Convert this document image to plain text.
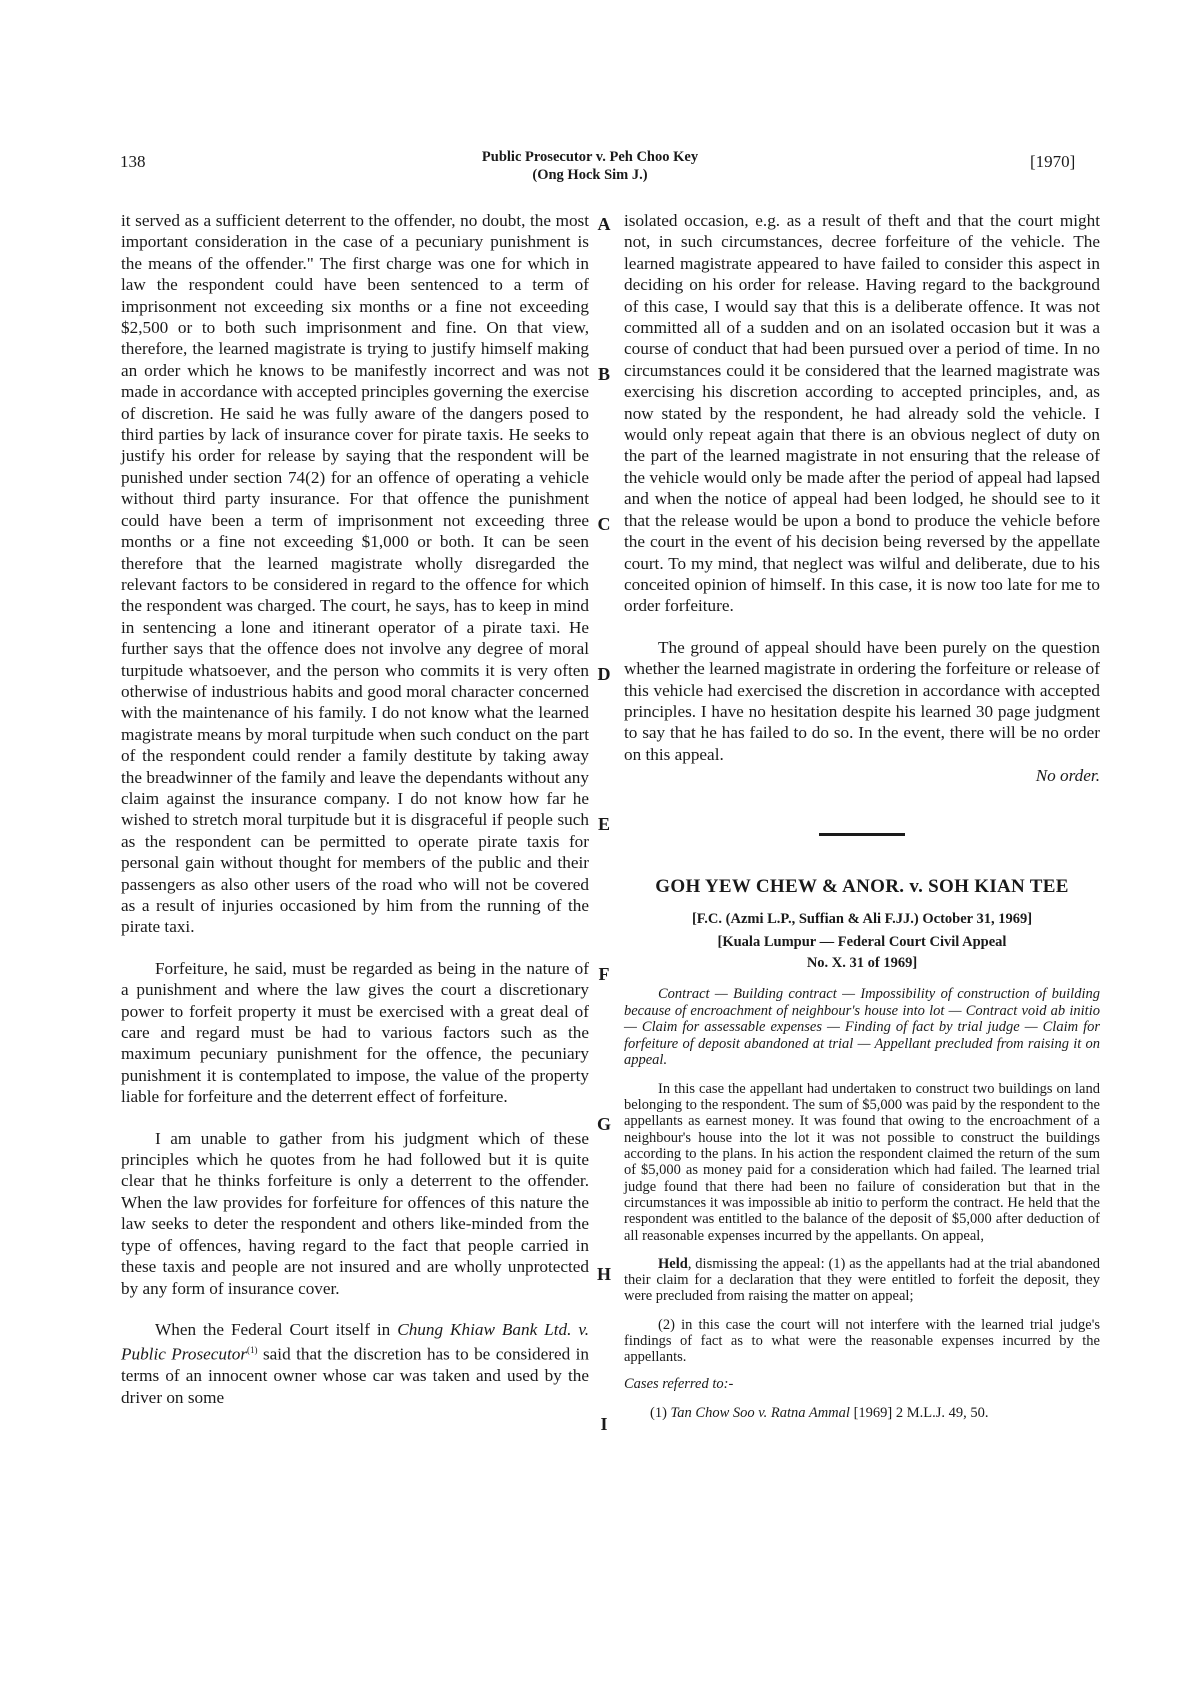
138	Public Prosecutor v. Peh Choo Key
(Ong Hock Sim J.)
[1970]

it served as a sufficient deterrent to the offender, no doubt, the most important consideration in the case of a pecuniary punishment is the means of the offender." The first charge was one for which in law the respondent could have been sentenced to a term of imprisonment not exceeding six months or a fine not exceeding $2,500 or to both such imprisonment and fine. On that view, therefore, the learned magistrate is trying to justify himself making an order which he knows to be manifestly incorrect and was not made in accordance with accepted principles governing the exercise of discretion. He said he was fully aware of the dangers posed to third parties by lack of insurance cover for pirate taxis. He seeks to justify his order for release by saying that the respondent will be punished under section 74(2) for an offence of operating a vehicle without third party insurance. For that offence the punishment could have been a term of imprisonment not exceeding three months or a fine not exceeding $1,000 or both. It can be seen therefore that the learned magistrate wholly disregarded the relevant factors to be considered in regard to the offence for which the respondent was charged. The court, he says, has to keep in mind in sentencing a lone and itinerant operator of a pirate taxi. He further says that the offence does not involve any degree of moral turpitude whatsoever, and the person who commits it is very often otherwise of industrious habits and good moral character concerned with the maintenance of his family. I do not know what the learned magistrate means by moral turpitude when such conduct on the part of the respondent could render a family destitute by taking away the breadwinner of the family and leave the dependants without any claim against the insurance company. I do not know how far he wished to stretch moral turpitude but it is disgraceful if people such as the respondent can be permitted to operate pirate taxis for personal gain without thought for members of the public and their passengers as also other users of the road who will not be covered as a result of injuries occasioned by him from the running of the pirate taxi.

Forfeiture, he said, must be regarded as being in the nature of a punishment and where the law gives the court a discretionary power to forfeit property it must be exercised with a great deal of care and regard must be had to various factors such as the maximum pecuniary punishment for the offence, the pecuniary punishment it is contemplated to impose, the value of the property liable for forfeiture and the deterrent effect of forfeiture.

I am unable to gather from his judgment which of these principles which he quotes from he had followed but it is quite clear that he thinks forfeiture is only a deterrent to the offender. When the law provides for forfeiture for offences of this nature the law seeks to deter the respondent and others like-minded from the type of offences, having regard to the fact that people carried in these taxis and people are not insured and are wholly unprotected by any form of insurance cover.

When the Federal Court itself in Chung Khiaw Bank Ltd. v. Public Prosecutor$^{(1)}$ said that the discretion has to be considered in terms of an innocent owner whose car was taken and used by the driver on some

A
B
C
D
E
F
G
H
I

isolated occasion, e.g. as a result of theft and that the court might not, in such circumstances, decree forfeiture of the vehicle. The learned magistrate appeared to have failed to consider this aspect in deciding on his order for release. Having regard to the background of this case, I would say that this is a deliberate offence. It was not committed all of a sudden and on an isolated occasion but it was a course of conduct that had been pursued over a period of time. In no circumstances could it be considered that the learned magistrate was exercising his discretion according to accepted principles, and, as now stated by the respondent, he had already sold the vehicle. I would only repeat again that there is an obvious neglect of duty on the part of the learned magistrate in not ensuring that the release of the vehicle would only be made after the period of appeal had lapsed and when the notice of appeal had been lodged, he should see to it that the release would be upon a bond to produce the vehicle before the court in the event of his decision being reversed by the appellate court. To my mind, that neglect was wilful and deliberate, due to his conceited opinion of himself. In this case, it is now too late for me to order forfeiture.

The ground of appeal should have been purely on the question whether the learned magistrate in ordering the forfeiture or release of this vehicle had exercised the discretion in accordance with accepted principles. I have no hesitation despite his learned 30 page judgment to say that he has failed to do so. In the event, there will be no order on this appeal.

No order.

GOH YEW CHEW & ANOR. v. SOH KIAN TEE

[F.C. (Azmi L.P., Suffian & Ali F.JJ.) October 31, 1969]

[Kuala Lumpur — Federal Court Civil Appeal

No. X. 31 of 1969]

Contract — Building contract — Impossibility of construction of building because of encroachment of neighbour's house into lot — Contract void ab initio — Claim for assessable expenses — Finding of fact by trial judge — Claim for forfeiture of deposit abandoned at trial — Appellant precluded from raising it on appeal.

In this case the appellant had undertaken to construct two buildings on land belonging to the respondent. The sum of $5,000 was paid by the respondent to the appellants as earnest money. It was found that owing to the encroachment of a neighbour's house into the lot it was not possible to construct the buildings according to the plans. In his action the respondent claimed the return of the sum of $5,000 as money paid for a consideration which had failed. The learned trial judge found that there had been no failure of consideration but that in the circumstances it was impossible ab initio to perform the contract. He held that the respondent was entitled to the balance of the deposit of $5,000 after deduction of all reasonable expenses incurred by the appellants. On appeal,

Held, dismissing the appeal: (1) as the appellants had at the trial abandoned their claim for a declaration that they were entitled to forfeit the deposit, they were precluded from raising the matter on appeal;

(2) in this case the court will not interfere with the learned trial judge's findings of fact as to what were the reasonable expenses incurred by the appellants.

Cases referred to:-

(1) Tan Chow Soo v. Ratna Ammal [1969] 2 M.L.J. 49, 50.
